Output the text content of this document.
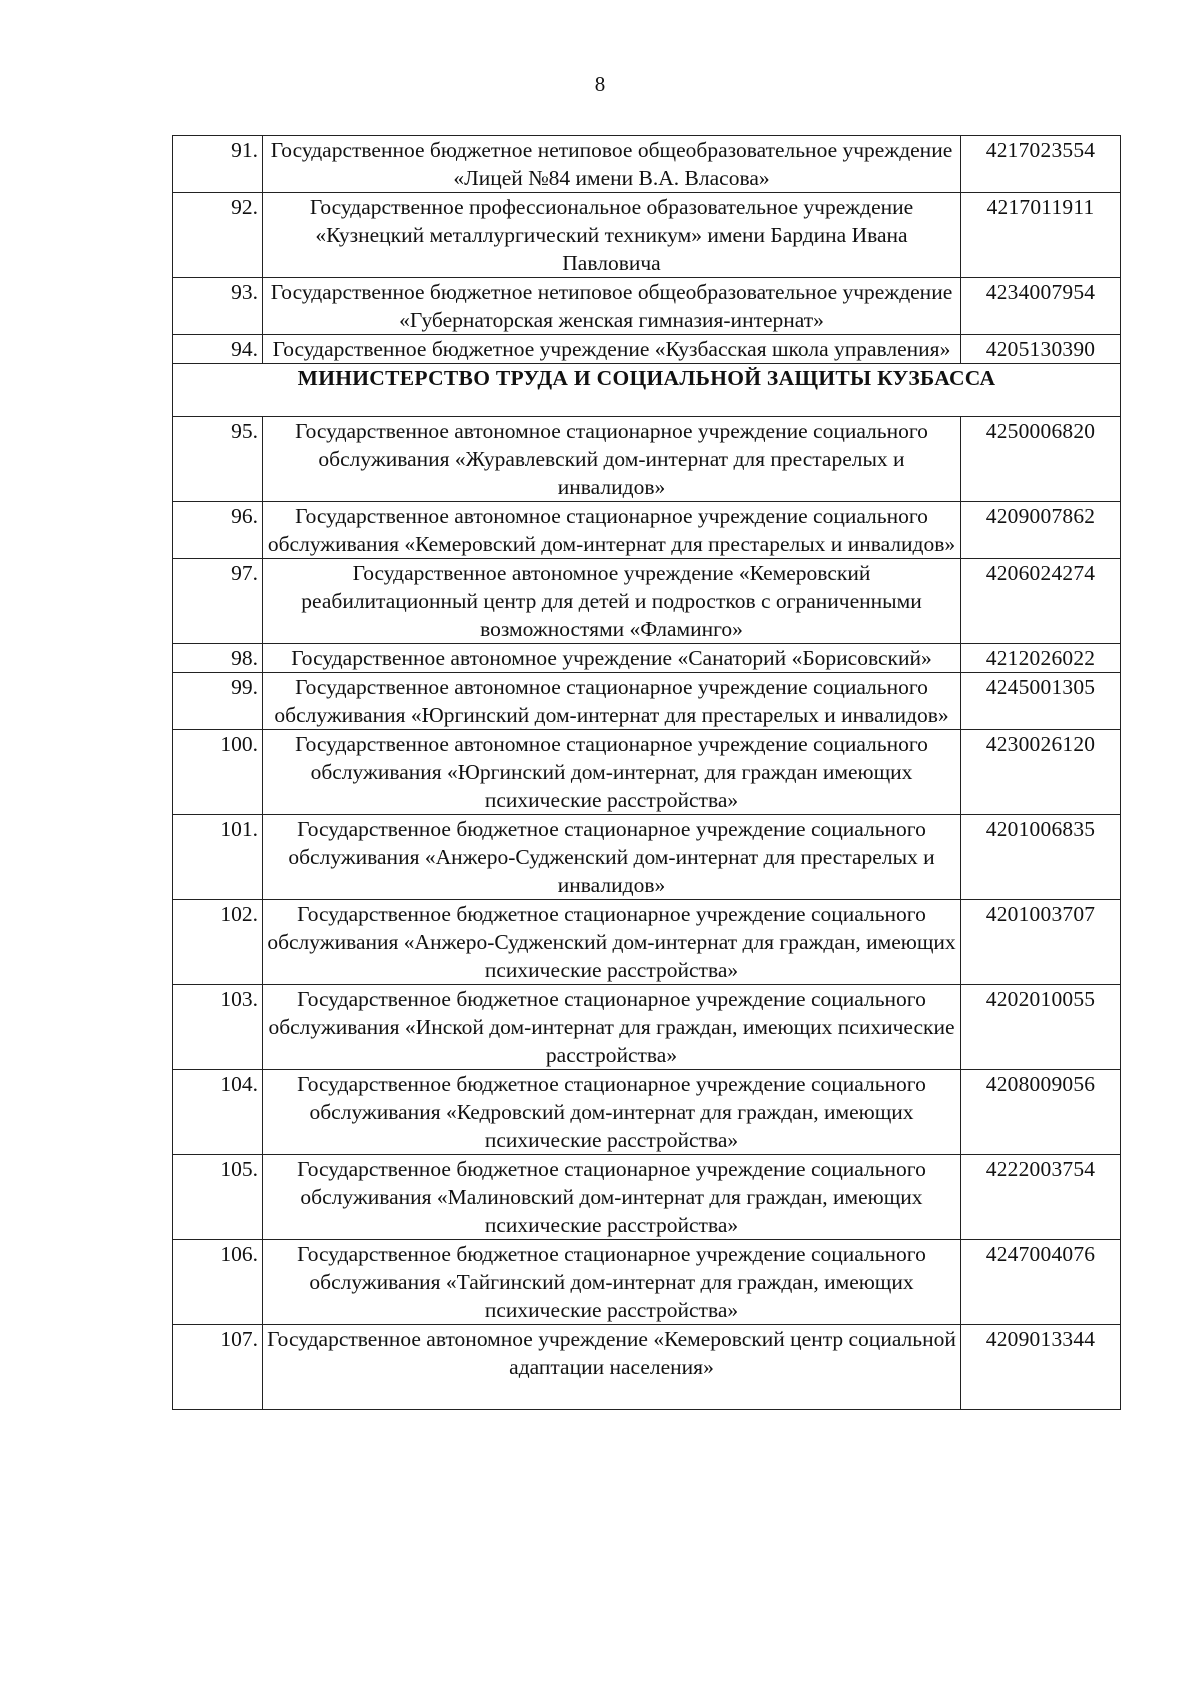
8
91.	Государственное бюджетное нетиповое общеобразовательное учреждение «Лицей №84 имени В.А. Власова»	4217023554
92.	Государственное профессиональное образовательное учреждение «Кузнецкий металлургический техникум» имени Бардина Ивана Павловича	4217011911
93.	Государственное бюджетное нетиповое общеобразовательное учреждение «Губернаторская женская гимназия-интернат»	4234007954
94.	Государственное бюджетное учреждение «Кузбасская школа управления»	4205130390
МИНИСТЕРСТВО ТРУДА И СОЦИАЛЬНОЙ ЗАЩИТЫ КУЗБАССА		
95.	Государственное автономное стационарное учреждение социального обслуживания «Журавлевский дом-интернат для престарелых и инвалидов»	4250006820
96.	Государственное автономное стационарное учреждение социального обслуживания «Кемеровский дом-интернат для престарелых и инвалидов»	4209007862
97.	Государственное автономное учреждение «Кемеровский реабилитационный центр для детей и подростков с ограниченными возможностями «Фламинго»	4206024274
98.	Государственное автономное учреждение «Санаторий «Борисовский»	4212026022
99.	Государственное автономное стационарное учреждение социального обслуживания «Юргинский дом-интернат для престарелых и инвалидов»	4245001305
100.	Государственное автономное стационарное учреждение социального обслуживания «Юргинский дом-интернат, для граждан имеющих психические расстройства»	4230026120
101.	Государственное бюджетное стационарное учреждение социального обслуживания «Анжеро-Судженский дом-интернат для престарелых и инвалидов»	4201006835
102.	Государственное бюджетное стационарное учреждение социального обслуживания «Анжеро-Судженский дом-интернат для граждан, имеющих психические расстройства»	4201003707
103.	Государственное бюджетное стационарное учреждение социального обслуживания «Инской дом-интернат для граждан, имеющих психические расстройства»	4202010055
104.	Государственное бюджетное стационарное учреждение социального обслуживания «Кедровский дом-интернат для граждан, имеющих психические расстройства»	4208009056
105.	Государственное бюджетное стационарное учреждение социального обслуживания «Малиновский дом-интернат для граждан, имеющих психические расстройства»	4222003754
106.	Государственное бюджетное стационарное учреждение социального обслуживания «Тайгинский дом-интернат для граждан, имеющих психические расстройства»	4247004076
107.	Государственное автономное учреждение «Кемеровский центр социальной адаптации населения»	4209013344
